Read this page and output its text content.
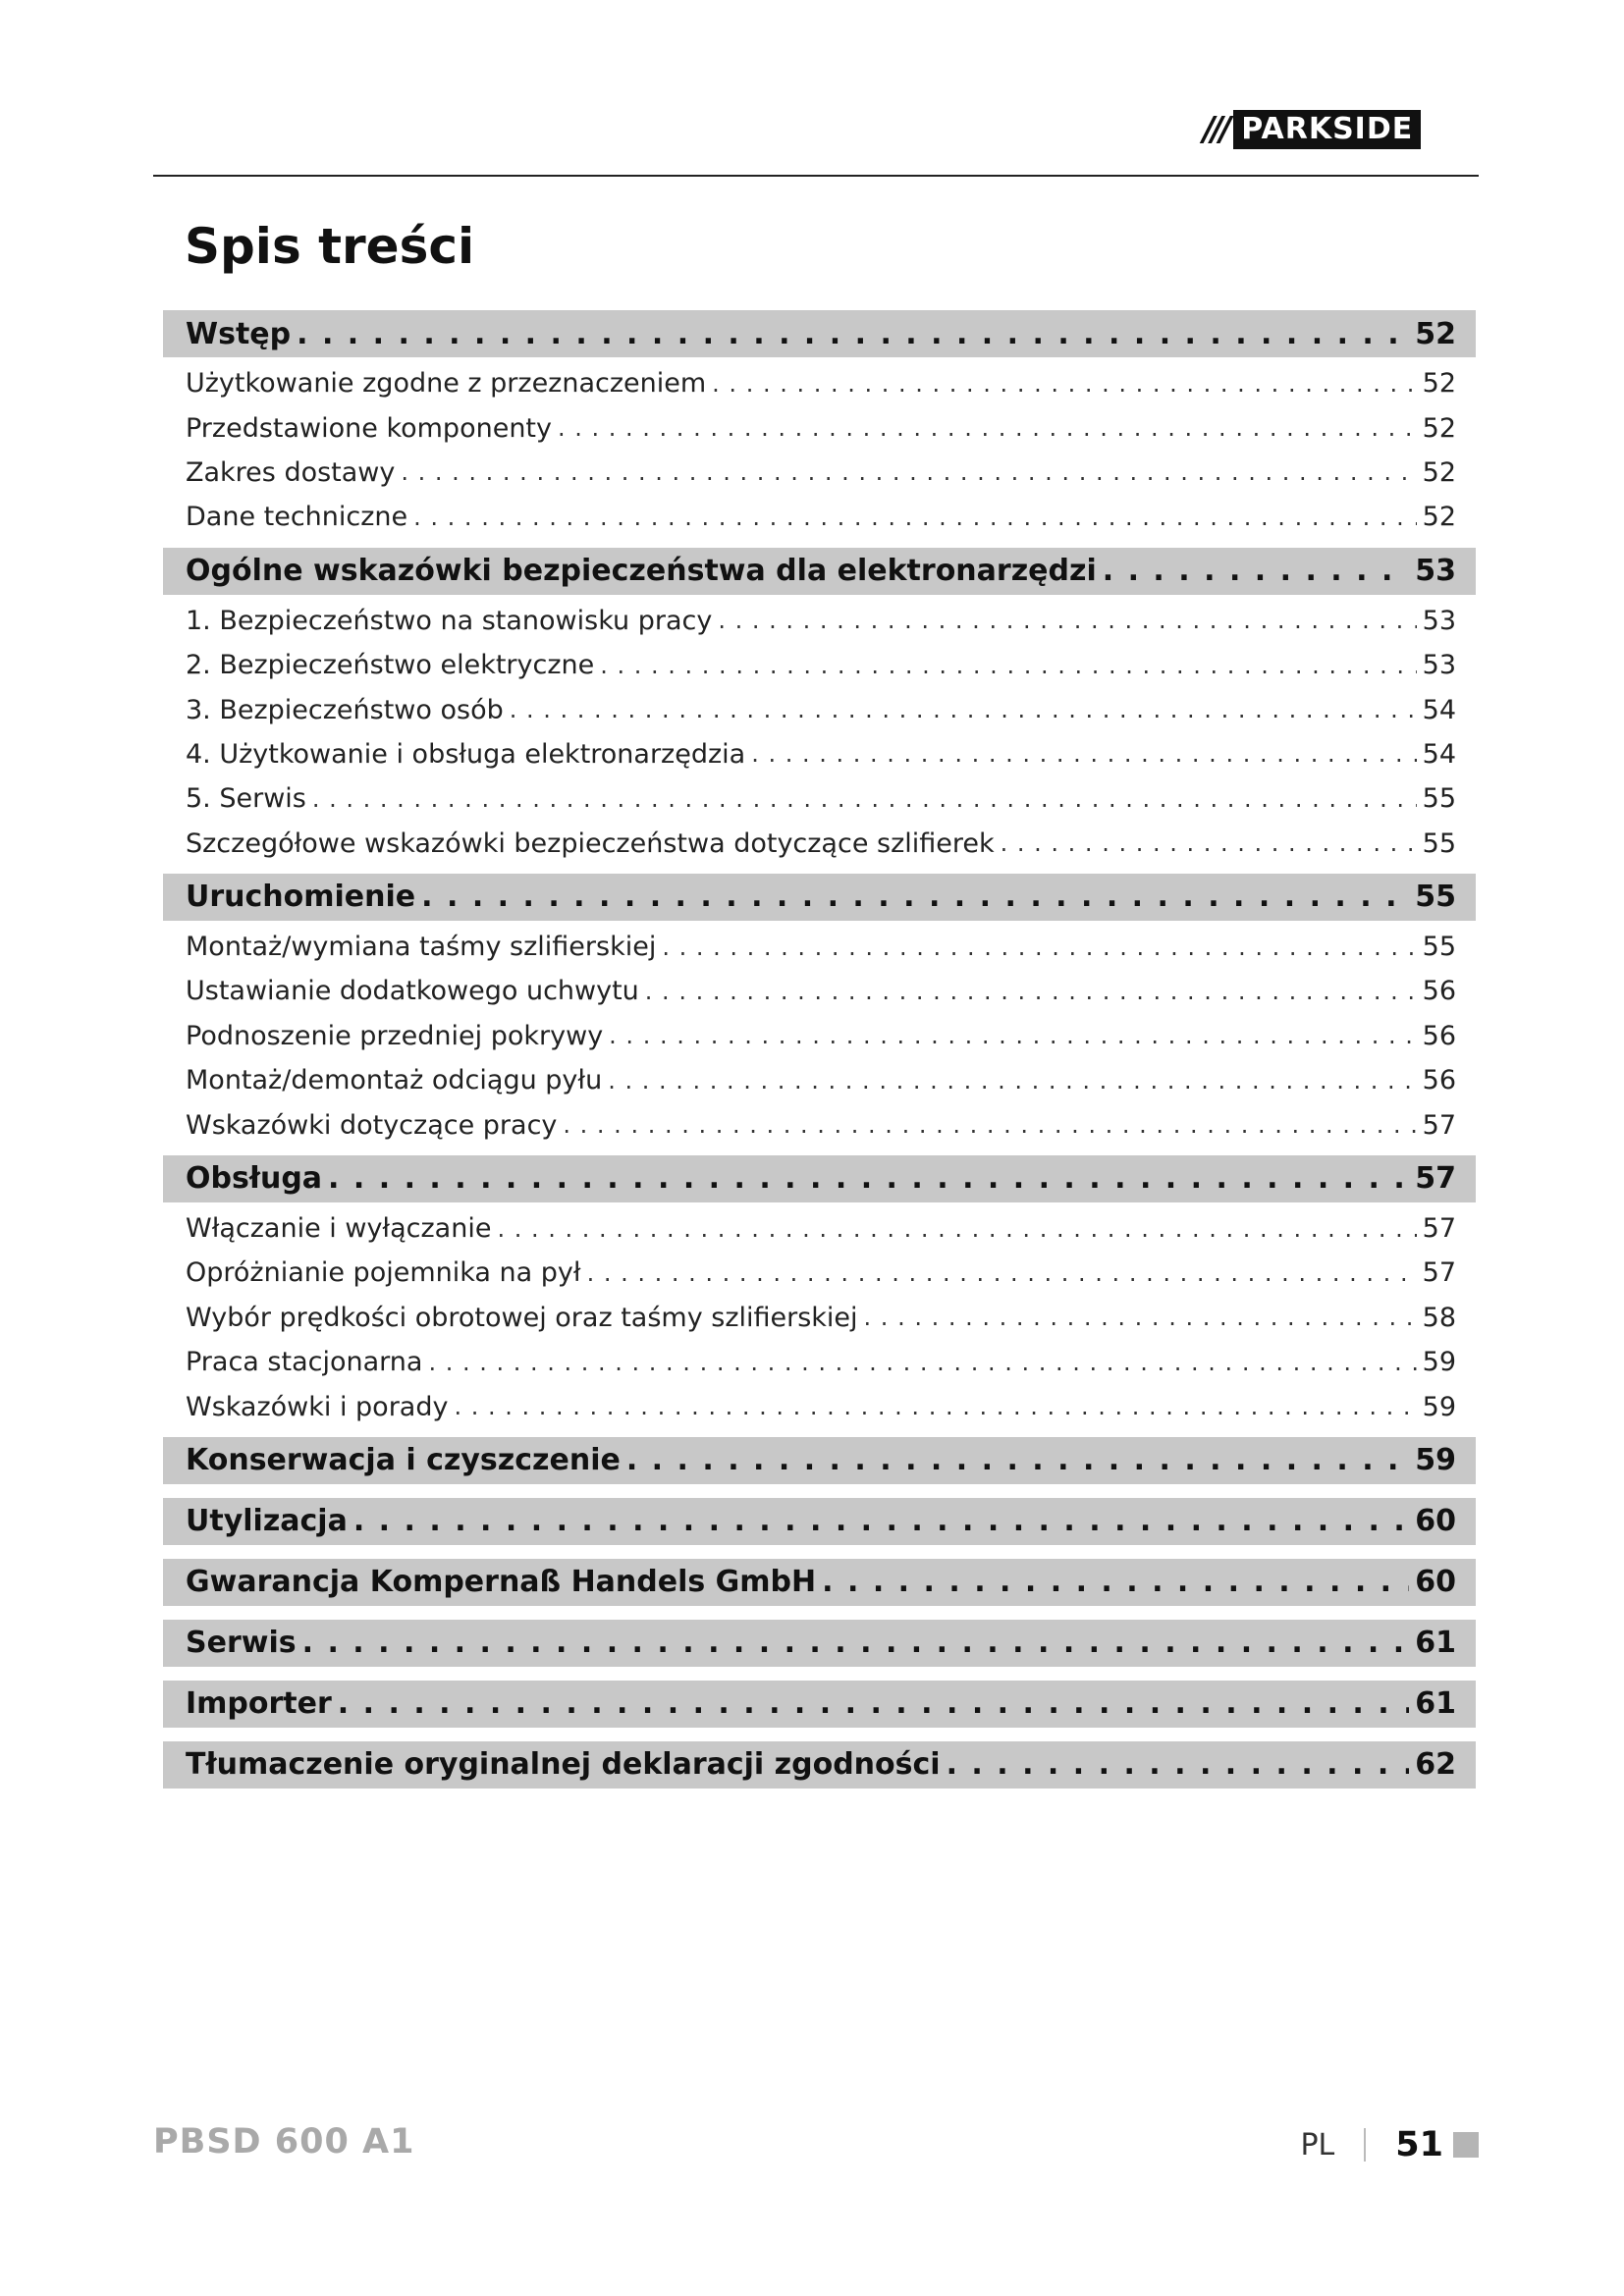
/// PARKSIDE
Spis treści
Wstęp . . .	52
Użytkowanie zgodne z przeznaczeniem . . .	52
Przedstawione komponenty . . .	52
Zakres dostawy . . .	52
Dane techniczne . . .	52
Ogólne wskazówki bezpieczeństwa dla elektronarzędzi . . .	53
1. Bezpieczeństwo na stanowisku pracy . . .	53
2. Bezpieczeństwo elektryczne . . .	53
3. Bezpieczeństwo osób . . .	54
4. Użytkowanie i obsługa elektronarzędzia . . .	54
5. Serwis . . .	55
Szczegółowe wskazówki bezpieczeństwa dotyczące szlifierek . . .	55
Uruchomienie . . .	55
Montaż/wymiana taśmy szlifierskiej . . .	55
Ustawianie dodatkowego uchwytu . . .	56
Podnoszenie przedniej pokrywy . . .	56
Montaż/demontaż odciągu pyłu . . .	56
Wskazówki dotyczące pracy . . .	57
Obsługa . . .	57
Włączanie i wyłączanie . . .	57
Opróżnianie pojemnika na pył . . .	57
Wybór prędkości obrotowej oraz taśmy szlifierskiej . . .	58
Praca stacjonarna . . .	59
Wskazówki i porady . . .	59
Konserwacja i czyszczenie . . .	59
Utylizacja . . .	60
Gwarancja Kompernaß Handels GmbH . . .	60
Serwis . . .	61
Importer . . .	61
Tłumaczenie oryginalnej deklaracji zgodności . . .	62
PBSD 600 A1	PL 51
